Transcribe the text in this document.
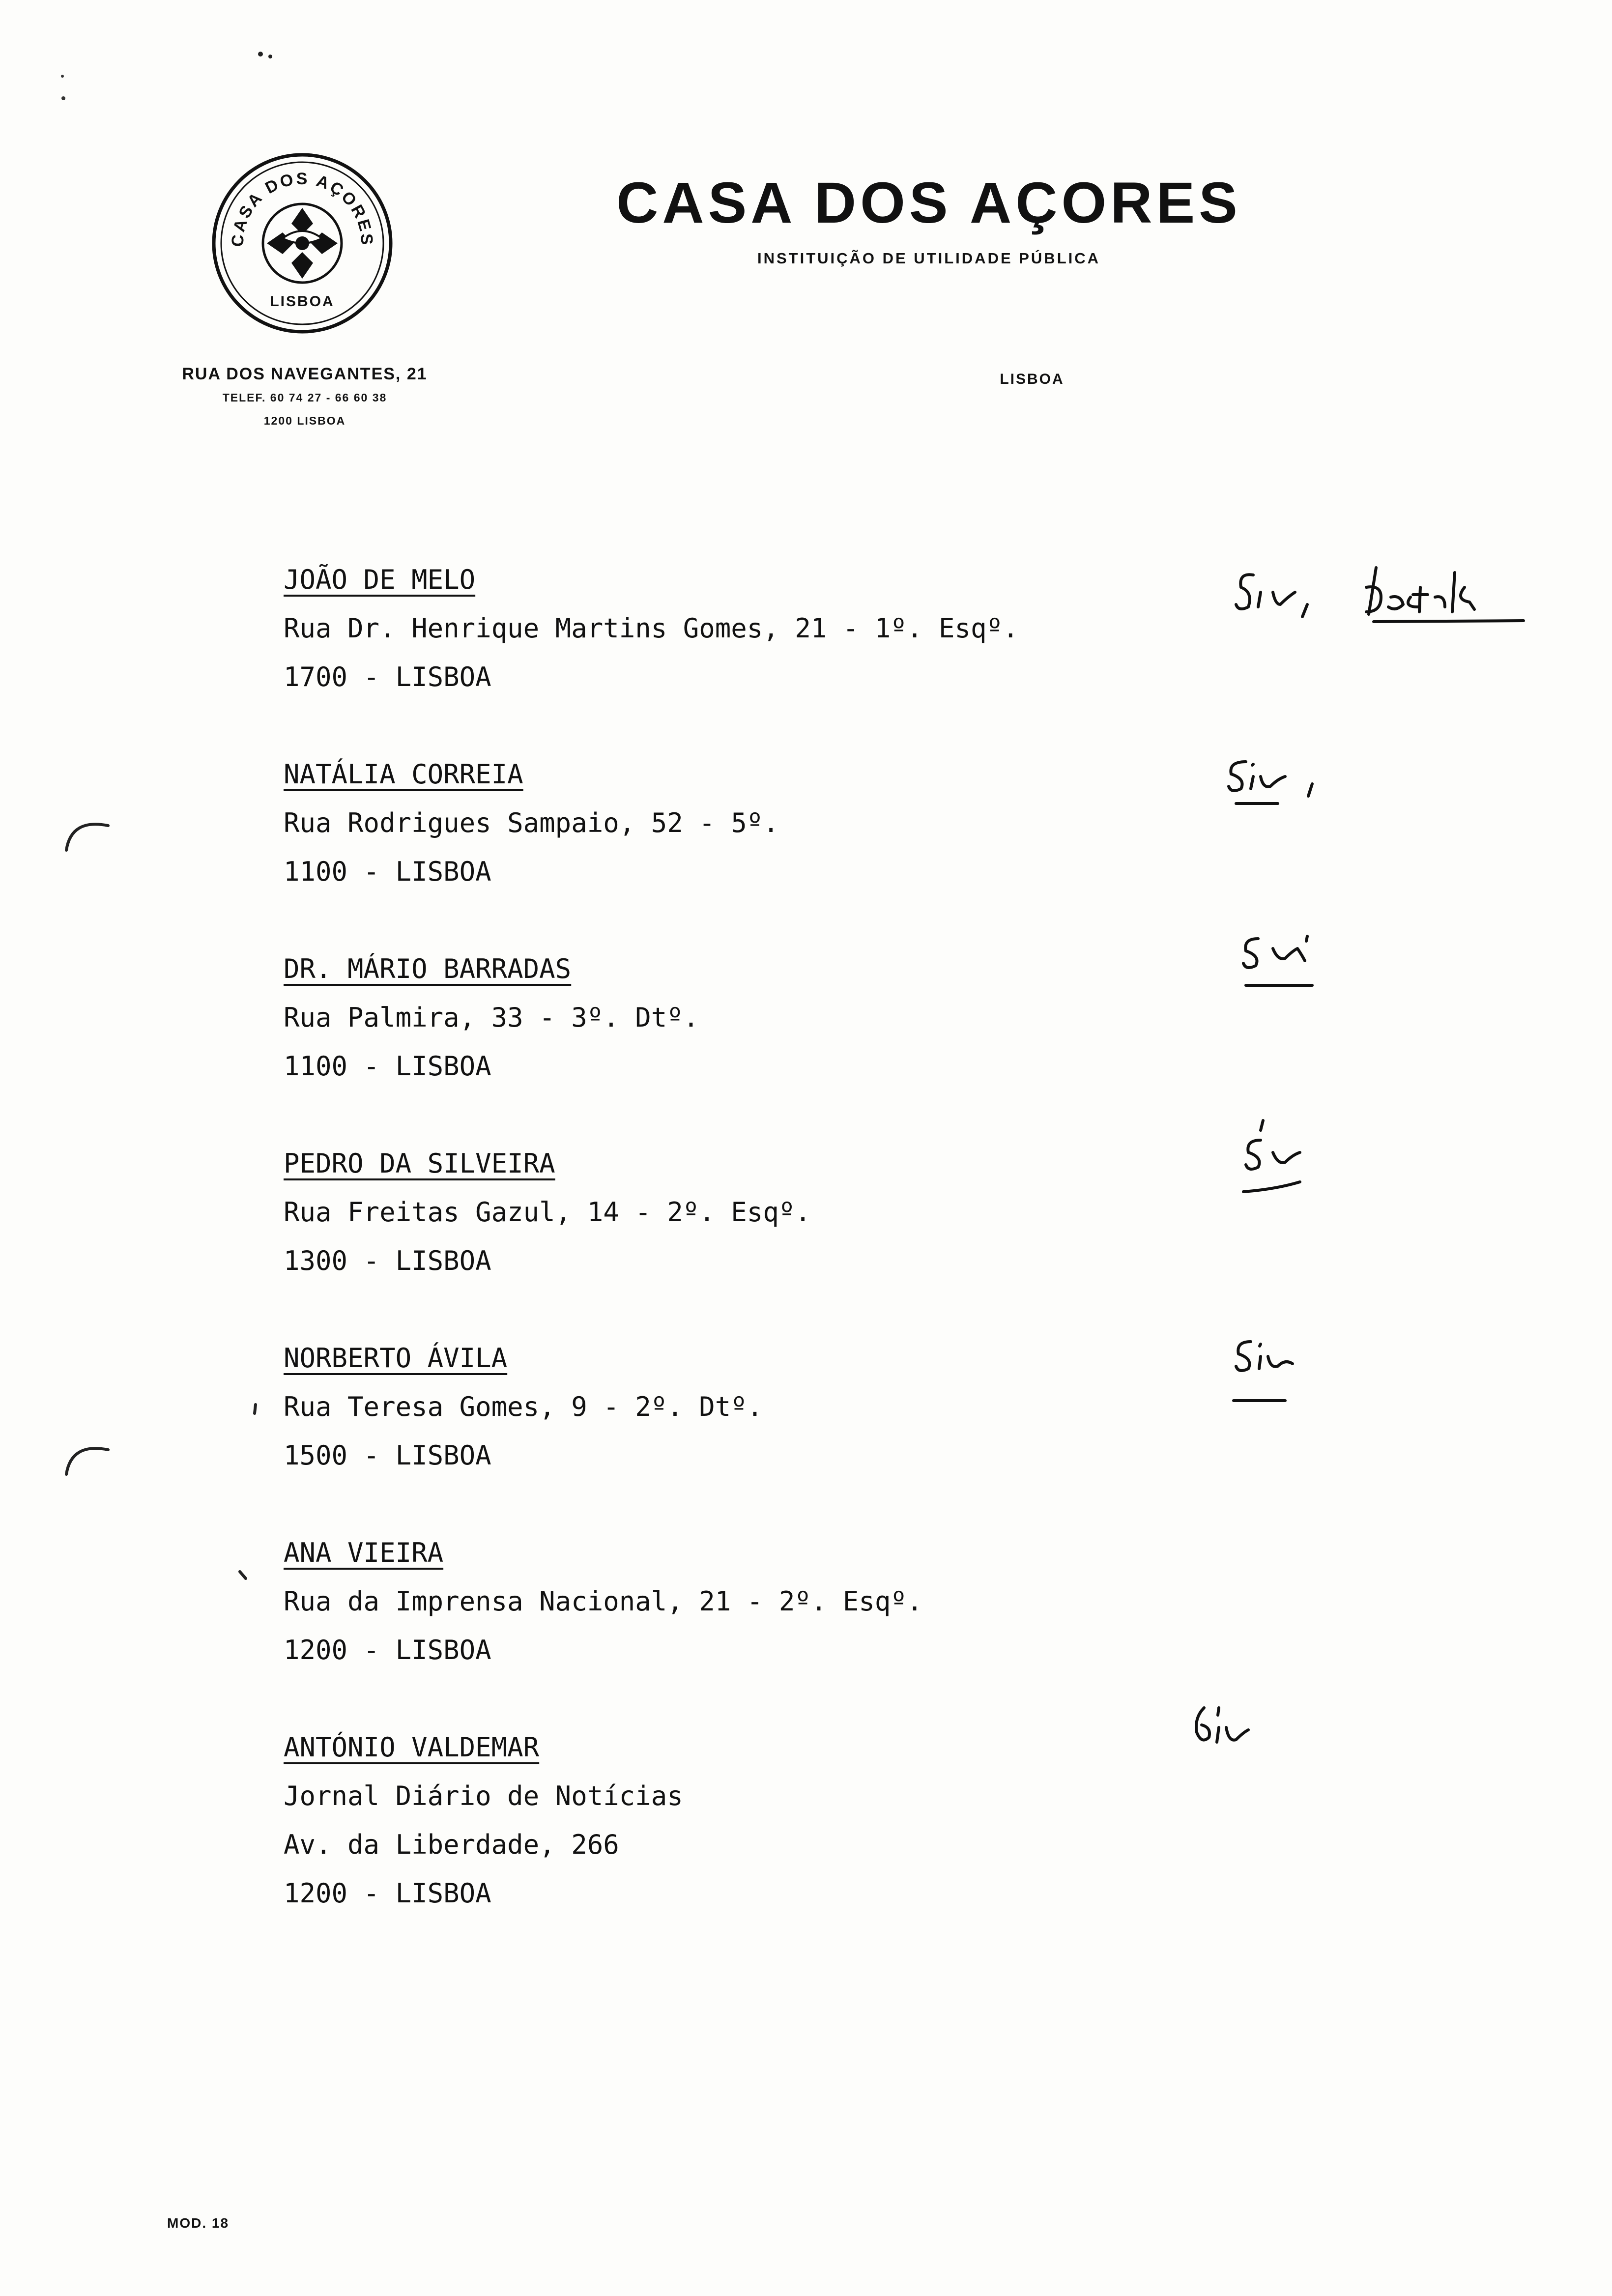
CASA DOS AÇORES
LISBOA
CASA DOS AÇORES
INSTITUIÇÃO DE UTILIDADE PÚBLICA
RUA DOS NAVEGANTES, 21
TELEF. 60 74 27 - 66 60 38
1200 LISBOA
LISBOA
JOÃO DE MELO
Rua Dr. Henrique Martins Gomes, 21 - 1º. Esqº.
1700 - LISBOA
NATÁLIA CORREIA
Rua Rodrigues Sampaio, 52 - 5º.
1100 - LISBOA
DR. MÁRIO BARRADAS
Rua Palmira, 33 - 3º. Dtº.
1100 - LISBOA
PEDRO DA SILVEIRA
Rua Freitas Gazul, 14 - 2º. Esqº.
1300 - LISBOA
NORBERTO ÁVILA
Rua Teresa Gomes, 9 - 2º. Dtº.
1500 - LISBOA
ANA VIEIRA
Rua da Imprensa Nacional, 21 - 2º. Esqº.
1200 - LISBOA
ANTÓNIO VALDEMAR
Jornal Diário de Notícias
Av. da Liberdade, 266
1200 - LISBOA
MOD. 18
